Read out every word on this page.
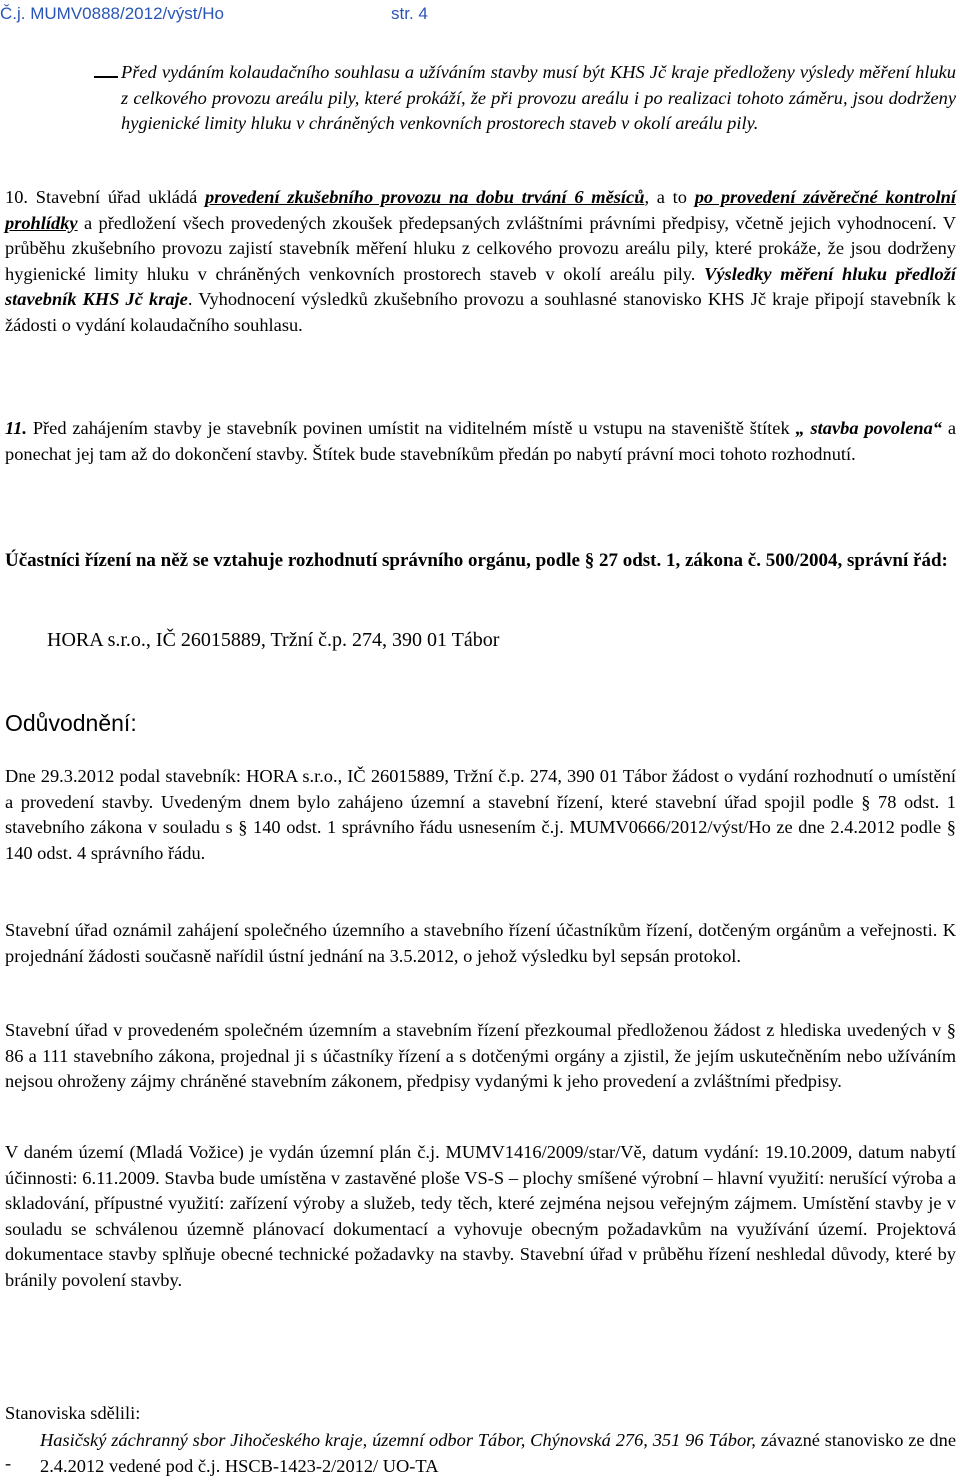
Č.j. MUMV0888/2012/výst/Ho	str. 4

Před vydáním kolaudačního souhlasu a užíváním stavby musí být KHS Jč kraje předloženy výsledy měření hluku z celkového provozu areálu pily, které prokáží, že při provozu areálu i po realizaci tohoto záměru, jsou dodrženy hygienické limity hluku v chráněných venkovních prostorech staveb v okolí areálu pily.

10. Stavební úřad ukládá provedení zkušebního provozu na dobu trvání 6 měsíců, a to po provedení závěrečné kontrolní prohlídky a předložení všech provedených zkoušek předepsaných zvláštními právními předpisy, včetně jejich vyhodnocení. V průběhu zkušebního provozu zajistí stavebník měření hluku z celkového provozu areálu pily, které prokáže, že jsou dodrženy hygienické limity hluku v chráněných venkovních prostorech staveb v okolí areálu pily. Výsledky měření hluku předloží stavebník KHS Jč kraje. Vyhodnocení výsledků zkušebního provozu a souhlasné stanovisko KHS Jč kraje připojí stavebník k žádosti o vydání kolaudačního souhlasu.

11. Před zahájením stavby je stavebník povinen umístit na viditelném místě u vstupu na staveniště štítek „ stavba povolena“ a ponechat jej tam až do dokončení stavby. Štítek bude stavebníkům předán po nabytí právní moci tohoto rozhodnutí.

Účastníci řízení na něž se vztahuje rozhodnutí správního orgánu, podle § 27 odst. 1, zákona č. 500/2004, správní řád:

HORA s.r.o., IČ 26015889, Tržní č.p. 274, 390 01 Tábor

Odůvodnění:

Dne 29.3.2012 podal stavebník: HORA s.r.o., IČ 26015889, Tržní č.p. 274, 390 01 Tábor žádost o vydání rozhodnutí o umístění a provedení stavby. Uvedeným dnem bylo zahájeno územní a stavební řízení, které stavební úřad spojil podle § 78 odst. 1 stavebního zákona v souladu s § 140 odst. 1 správního řádu usnesením č.j. MUMV0666/2012/výst/Ho ze dne 2.4.2012 podle § 140 odst. 4 správního řádu.

Stavební úřad oznámil zahájení společného územního a stavebního řízení účastníkům řízení, dotčeným orgánům a veřejnosti. K projednání žádosti současně nařídil ústní jednání na 3.5.2012, o jehož výsledku byl sepsán protokol.

Stavební úřad v provedeném společném územním a stavebním řízení přezkoumal předloženou žádost z hlediska uvedených v § 86 a 111 stavebního zákona, projednal ji s účastníky řízení a s dotčenými orgány a zjistil, že jejím uskutečněním nebo užíváním nejsou ohroženy zájmy chráněné stavebním zákonem, předpisy vydanými k jeho provedení a zvláštními předpisy.

V daném území (Mladá Vožice) je vydán územní plán č.j. MUMV1416/2009/star/Vě, datum vydání: 19.10.2009, datum nabytí účinnosti: 6.11.2009. Stavba bude umístěna v zastavěné ploše VS-S – plochy smíšené výrobní – hlavní využití: nerušící výroba a skladování, přípustné využití: zařízení výroby a služeb, tedy těch, které zejména nejsou veřejným zájmem. Umístění stavby je v souladu se schválenou územně plánovací dokumentací a vyhovuje obecným požadavkům na využívání území. Projektová dokumentace stavby splňuje obecné technické požadavky na stavby. Stavební úřad v průběhu řízení neshledal důvody, které by bránily povolení stavby.

Stanoviska sdělili:

-

Hasičský záchranný sbor Jihočeského kraje, územní odbor Tábor, Chýnovská 276, 351 96 Tábor, závazné stanovisko ze dne 2.4.2012 vedené pod č.j. HSCB-1423-2/2012/ UO-TA
